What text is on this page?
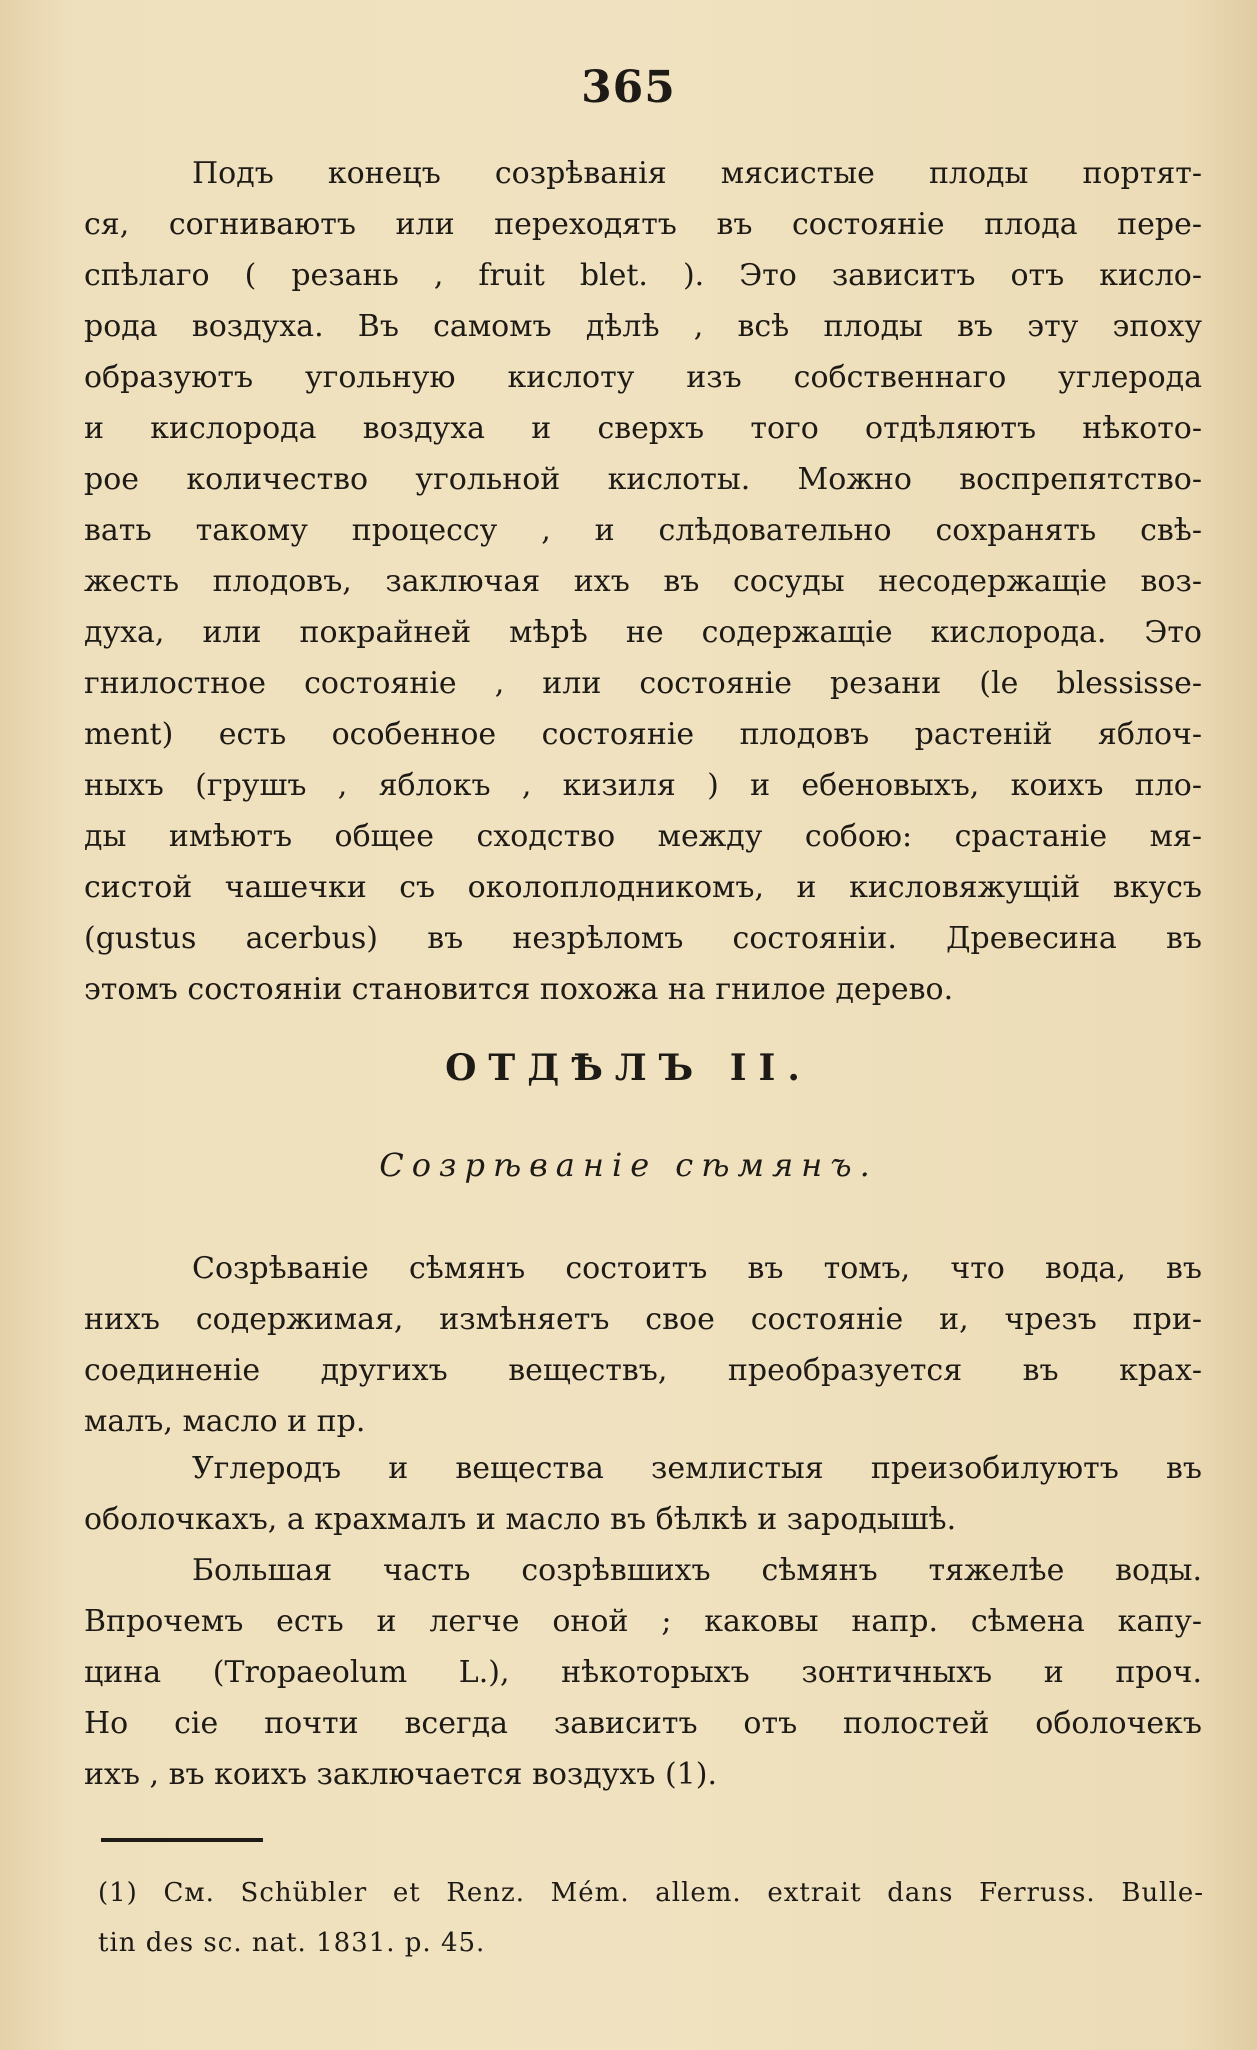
365
Подъ конецъ созрѣванія мясистые плоды портят-
ся, согниваютъ или переходятъ въ состояніе плода пере-
спѣлаго ( резань , fruit blet. ). Это зависитъ отъ кисло-
рода воздуха. Въ самомъ дѣлѣ , всѣ плоды въ эту эпоху
образуютъ угольную кислоту изъ собственнаго углерода
и кислорода воздуха и сверхъ того отдѣляютъ нѣкото-
рое количество угольной кислоты. Можно воспрепятство-
вать такому процессу , и слѣдовательно сохранять свѣ-
жесть плодовъ, заключая ихъ въ сосуды несодержащіе воз-
духа, или покрайней мѣрѣ не содержащіе кислорода. Это
гнилостное состояніе , или состояніе резани (le blessisse-
ment) есть особенное состояніе плодовъ растеній яблоч-
ныхъ (грушъ , яблокъ , кизиля ) и ебеновыхъ, коихъ пло-
ды имѣютъ общее сходство между собою: срастаніе мя-
систой чашечки съ околоплодникомъ, и кисловяжущій вкусъ
(gustus acerbus) въ незрѣломъ состояніи. Древесина въ
этомъ состояніи становится похожа на гнилое дерево.
ОТДѢЛЪ II.
Созрѣваніе сѣмянъ.
Созрѣваніе сѣмянъ состоитъ въ томъ, что вода, въ
нихъ содержимая, измѣняетъ свое состояніе и, чрезъ при-
соединеніе другихъ веществъ, преобразуется въ крах-
малъ, масло и пр.
Углеродъ и вещества землистыя преизобилуютъ въ
оболочкахъ, а крахмалъ и масло въ бѣлкѣ и зародышѣ.
Большая часть созрѣвшихъ сѣмянъ тяжелѣе воды.
Впрочемъ есть и легче оной ; каковы напр. сѣмена капу-
цина (Tropaeolum L.), нѣкоторыхъ зонтичныхъ и проч.
Но сіе почти всегда зависитъ отъ полостей оболочекъ
ихъ , въ коихъ заключается воздухъ (1).
(1) См. Schübler et Renz. Mém. allem. extrait dans Ferruss. Bulle-
tin des sc. nat. 1831. p. 45.
